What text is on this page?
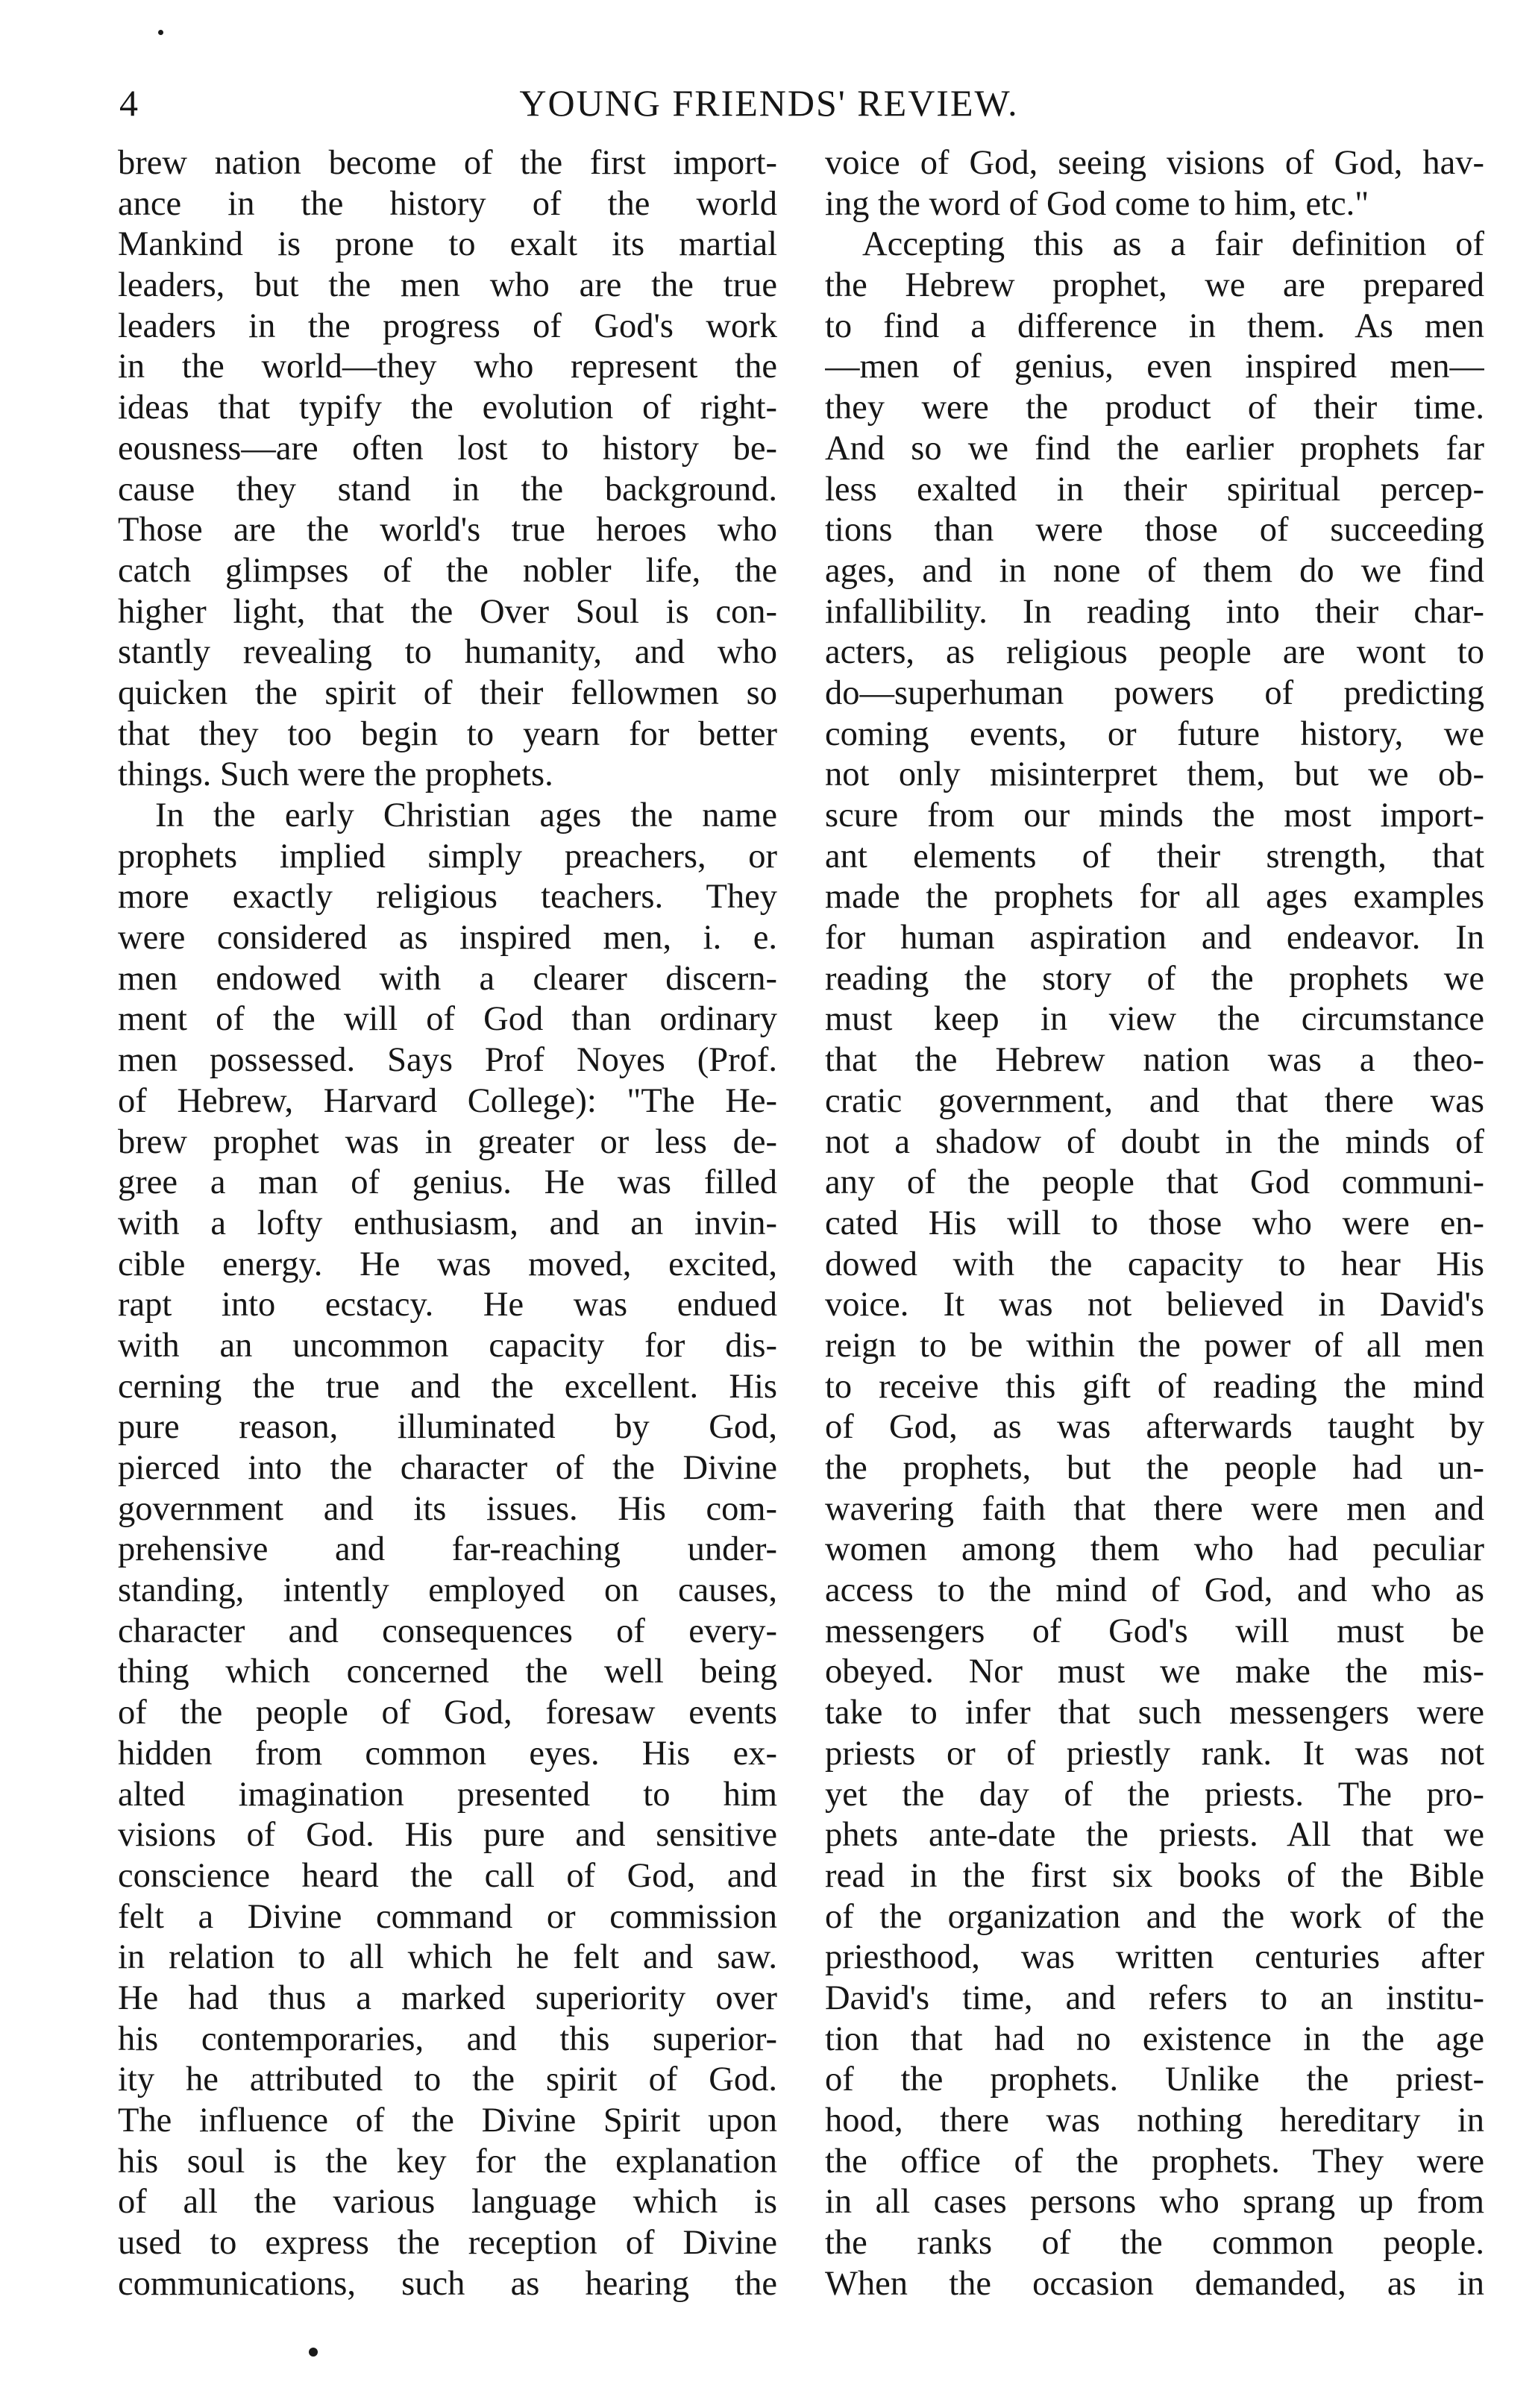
4	YOUNG FRIENDS' REVIEW.
brew nation become of the first import-
ance in the history of the world
Mankind is prone to exalt its martial
leaders, but the men who are the true
leaders in the progress of God's work
in the world—they who represent the
ideas that typify the evolution of right-
eousness—are often lost to history be-
cause they stand in the background.
Those are the world's true heroes who
catch glimpses of the nobler life, the
higher light, that the Over Soul is con-
stantly revealing to humanity, and who
quicken the spirit of their fellowmen so
that they too begin to yearn for better
things. Such were the prophets.
In the early Christian ages the name
prophets implied simply preachers, or
more exactly religious teachers. They
were considered as inspired men, i. e.
men endowed with a clearer discern-
ment of the will of God than ordinary
men possessed. Says Prof Noyes (Prof.
of Hebrew, Harvard College): "The He-
brew prophet was in greater or less de-
gree a man of genius. He was filled
with a lofty enthusiasm, and an invin-
cible energy. He was moved, excited,
rapt into ecstacy. He was endued
with an uncommon capacity for dis-
cerning the true and the excellent. His
pure reason, illuminated by God,
pierced into the character of the Divine
government and its issues. His com-
prehensive and far-reaching under-
standing, intently employed on causes,
character and consequences of every-
thing which concerned the well being
of the people of God, foresaw events
hidden from common eyes. His ex-
alted imagination presented to him
visions of God. His pure and sensitive
conscience heard the call of God, and
felt a Divine command or commission
in relation to all which he felt and saw.
He had thus a marked superiority over
his contemporaries, and this superior-
ity he attributed to the spirit of God.
The influence of the Divine Spirit upon
his soul is the key for the explanation
of all the various language which is
used to express the reception of Divine
communications, such as hearing the
voice of God, seeing visions of God, hav-
ing the word of God come to him, etc."
Accepting this as a fair definition of
the Hebrew prophet, we are prepared
to find a difference in them. As men
—men of genius, even inspired men—
they were the product of their time.
And so we find the earlier prophets far
less exalted in their spiritual percep-
tions than were those of succeeding
ages, and in none of them do we find
infallibility. In reading into their char-
acters, as religious people are wont to
do—superhuman powers of predicting
coming events, or future history, we
not only misinterpret them, but we ob-
scure from our minds the most import-
ant elements of their strength, that
made the prophets for all ages examples
for human aspiration and endeavor. In
reading the story of the prophets we
must keep in view the circumstance
that the Hebrew nation was a theo-
cratic government, and that there was
not a shadow of doubt in the minds of
any of the people that God communi-
cated His will to those who were en-
dowed with the capacity to hear His
voice. It was not believed in David's
reign to be within the power of all men
to receive this gift of reading the mind
of God, as was afterwards taught by
the prophets, but the people had un-
wavering faith that there were men and
women among them who had peculiar
access to the mind of God, and who as
messengers of God's will must be
obeyed. Nor must we make the mis-
take to infer that such messengers were
priests or of priestly rank. It was not
yet the day of the priests. The pro-
phets ante-date the priests. All that we
read in the first six books of the Bible
of the organization and the work of the
priesthood, was written centuries after
David's time, and refers to an institu-
tion that had no existence in the age
of the prophets. Unlike the priest-
hood, there was nothing hereditary in
the office of the prophets. They were
in all cases persons who sprang up from
the ranks of the common people.
When the occasion demanded, as in
